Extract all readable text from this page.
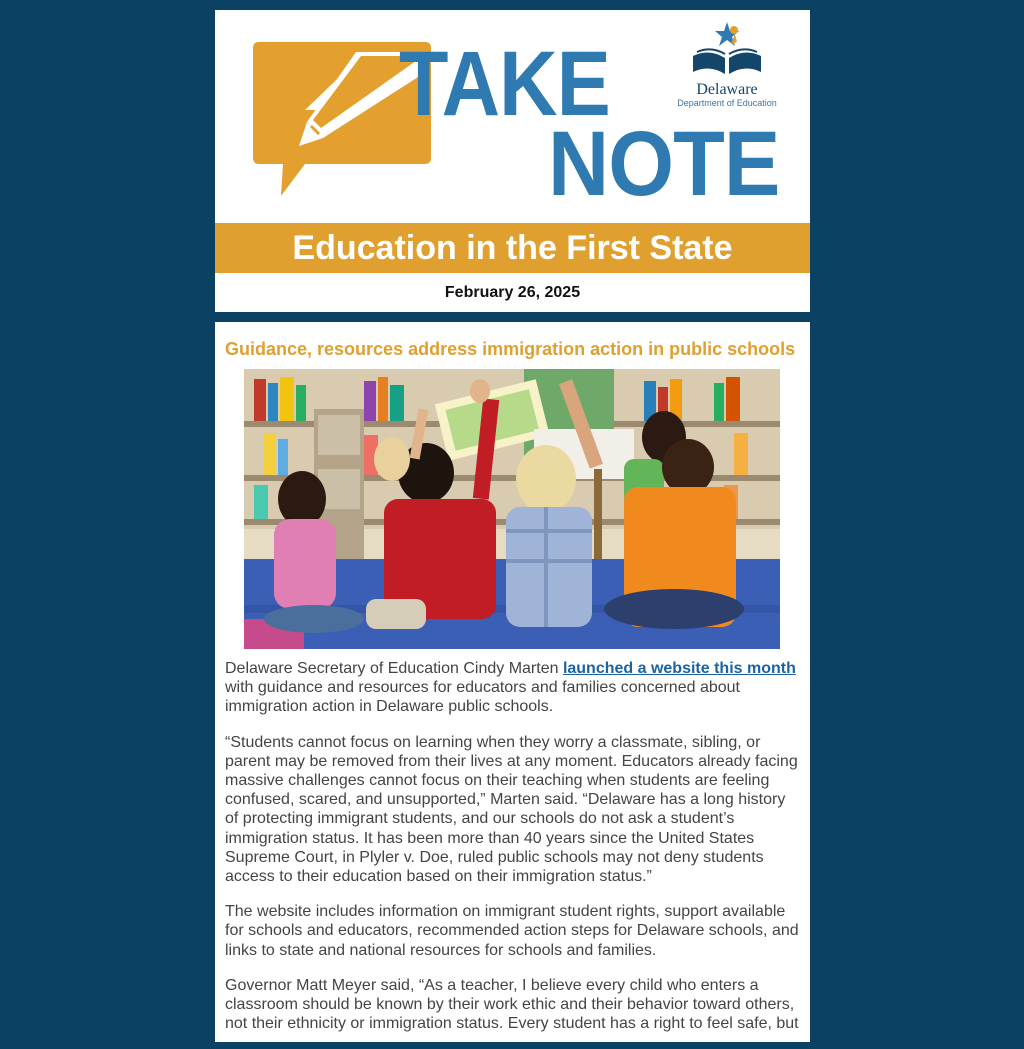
TAKE
NOTE
Delaware
Department of Education
Education in the First State
February 26, 2025
Guidance, resources address immigration action in public schools

Delaware Secretary of Education Cindy Marten launched a website this month with guidance and resources for educators and families concerned about immigration action in Delaware public schools.

“Students cannot focus on learning when they worry a classmate, sibling, or parent may be removed from their lives at any moment. Educators already facing massive challenges cannot focus on their teaching when students are feeling confused, scared, and unsupported,” Marten said. “Delaware has a long history of protecting immigrant students, and our schools do not ask a student’s immigration status. It has been more than 40 years since the United States Supreme Court, in Plyler v. Doe, ruled public schools may not deny students access to their education based on their immigration status.”

The website includes information on immigrant student rights, support available for schools and educators, recommended action steps for Delaware schools, and links to state and national resources for schools and families.

Governor Matt Meyer said, “As a teacher, I believe every child who enters a classroom should be known by their work ethic and their behavior toward others, not their ethnicity or immigration status. Every student has a right to feel safe, but
